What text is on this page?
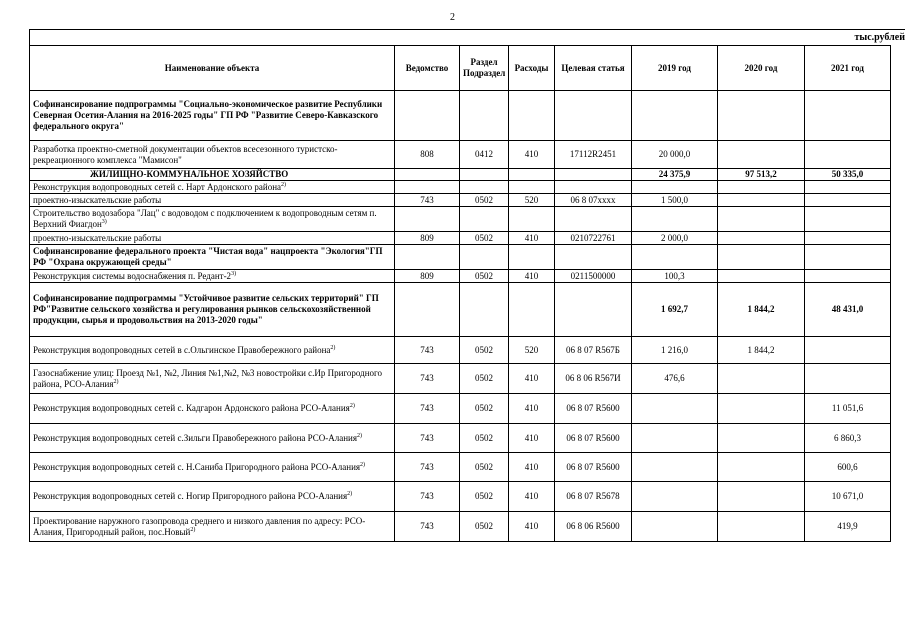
2
тыс.рублей
Наименование объекта	Ведомство	Раздел Подраздел	Расходы	Целевая статья	2019 год	2020 год	2021 год
Софинансирование подпрограммы "Социально-экономическое развитие Республики Северная Осетия-Алания на 2016-2025 годы" ГП РФ "Развитие Северо-Кавказского федерального округа"							
Разработка проектно-сметной документации объектов всесезонного туристско-рекреационного комплекса "Мамисон"	808	0412	410	17112R2451	20 000,0		
ЖИЛИЩНО-КОММУНАЛЬНОЕ ХОЗЯЙСТВО					24 375,9	97 513,2	50 335,0
Реконструкция водопроводных сетей с. Нарт Ардонского района$^{2)}$							
проектно-изыскательские работы	743	0502	520	06 8 07хххх	1 500,0		
Строительство водозабора "Лац" с водоводом с подключением к водопроводным сетям п. Верхний Фиагдон$^{3)}$							
проектно-изыскательские работы	809	0502	410	0210722761	2 000,0		
Софинансирование федерального проекта "Чистая вода" нацпроекта "Экология"ГП РФ "Охрана окружающей среды"							
Реконструкция системы водоснабжения п. Редант-2$^{3)}$	809	0502	410	0211500000	100,3		
Софинансирование подпрограммы "Устойчивое развитие сельских территорий" ГП РФ"Развитие сельского хозяйства и регулирования рынков сельскохозяйственной продукции, сырья и продовольствия на 2013-2020 годы"					1 692,7	1 844,2	48 431,0
Реконструкция водопроводных сетей в с.Ольгинское Правобережного района$^{2)}$	743	0502	520	06 8 07 R567Б	1 216,0	1 844,2	
Газоснабжение улиц: Проезд №1, №2, Линия №1,№2, №3 новостройки с.Ир Пригородного района, РСО-Алания$^{2)}$	743	0502	410	06 8 06 R567И	476,6		
Реконструкция водопроводных сетей с. Кадгарон Ардонского района РСО-Алания$^{2)}$	743	0502	410	06 8 07 R5600			11 051,6
Реконструкция водопроводных сетей с.Зильги Правобережного района РСО-Алания$^{2)}$	743	0502	410	06 8 07 R5600			6 860,3
Реконструкция водопроводных сетей с. Н.Саниба Пригородного района РСО-Алания$^{2)}$	743	0502	410	06 8 07 R5600			600,6
Реконструкция водопроводных сетей с. Ногир Пригородного района РСО-Алания$^{2)}$	743	0502	410	06 8 07 R5678			10 671,0
Проектирование наружного газопровода среднего и низкого давления по адресу: РСО-Алания, Пригородный район, пос.Новый$^{2)}$	743	0502	410	06 8 06 R5600			419,9
